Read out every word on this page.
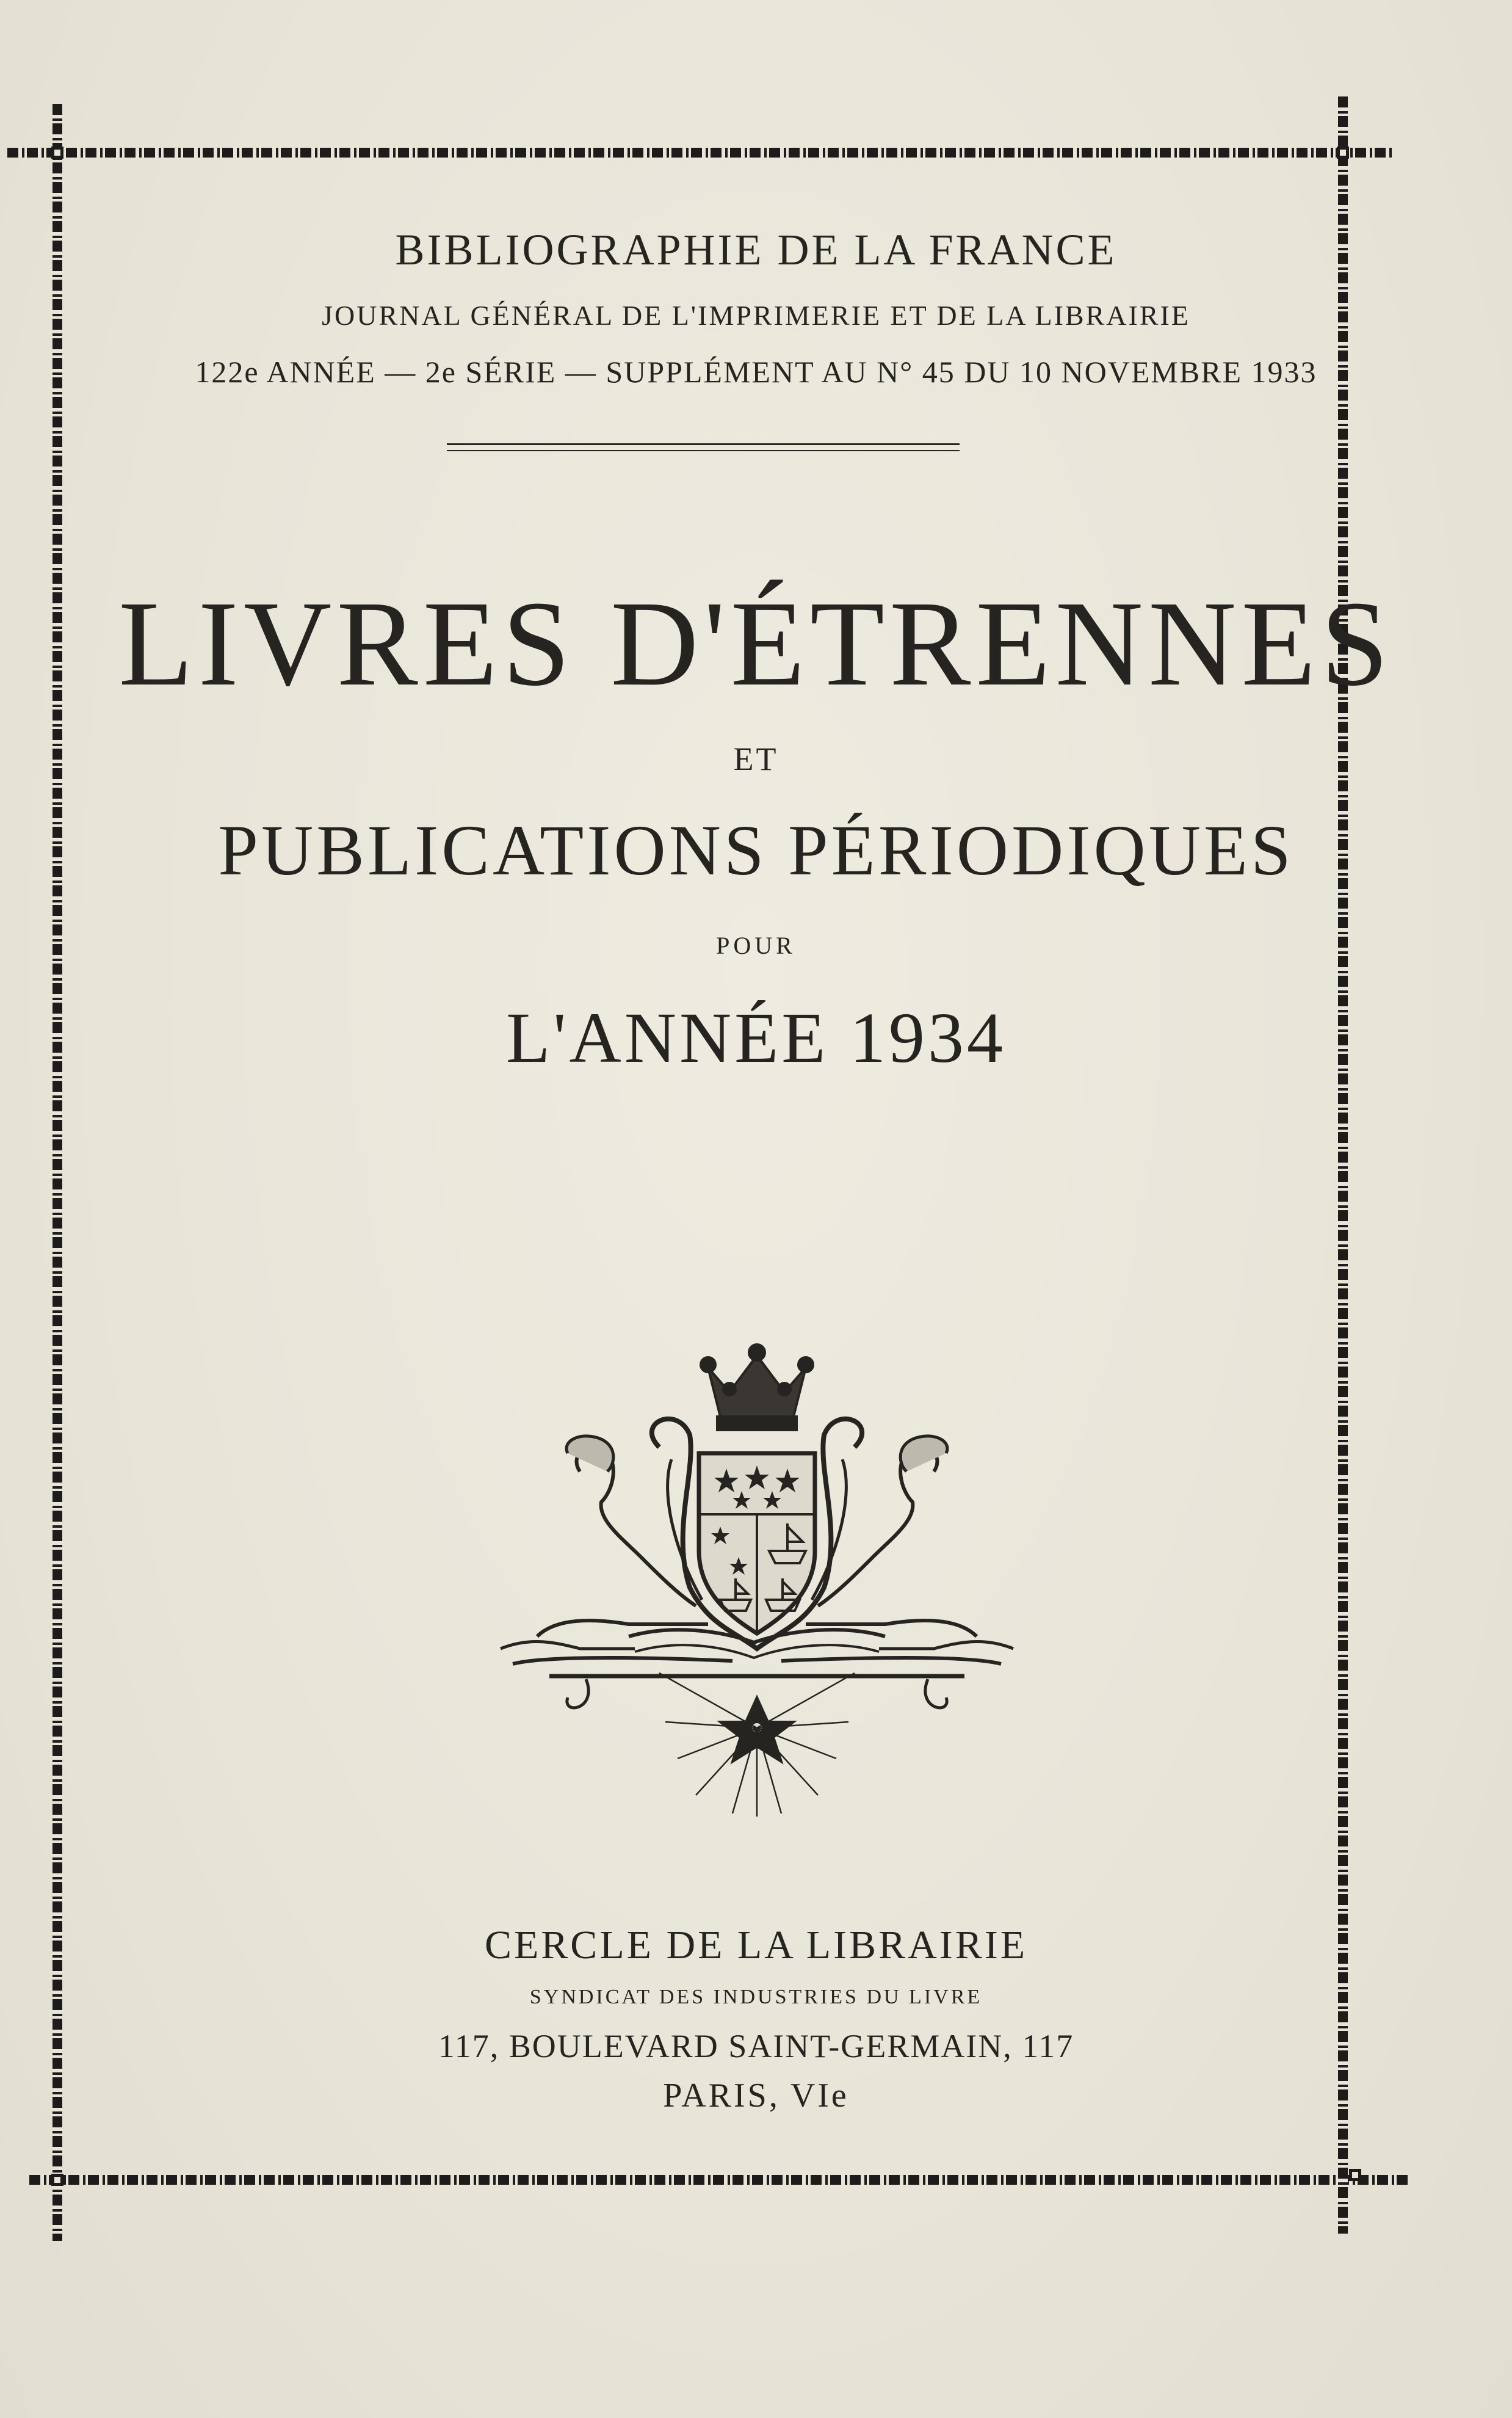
BIBLIOGRAPHIE DE LA FRANCE
JOURNAL GÉNÉRAL DE L'IMPRIMERIE ET DE LA LIBRAIRIE
122e ANNÉE — 2e SÉRIE — SUPPLÉMENT AU N° 45 DU 10 NOVEMBRE 1933
LIVRES D'ÉTRENNES
ET
PUBLICATIONS PÉRIODIQUES
POUR
L'ANNÉE 1934
CERCLE DE LA LIBRAIRIE
SYNDICAT DES INDUSTRIES DU LIVRE
117, BOULEVARD SAINT-GERMAIN, 117
PARIS, VIe
